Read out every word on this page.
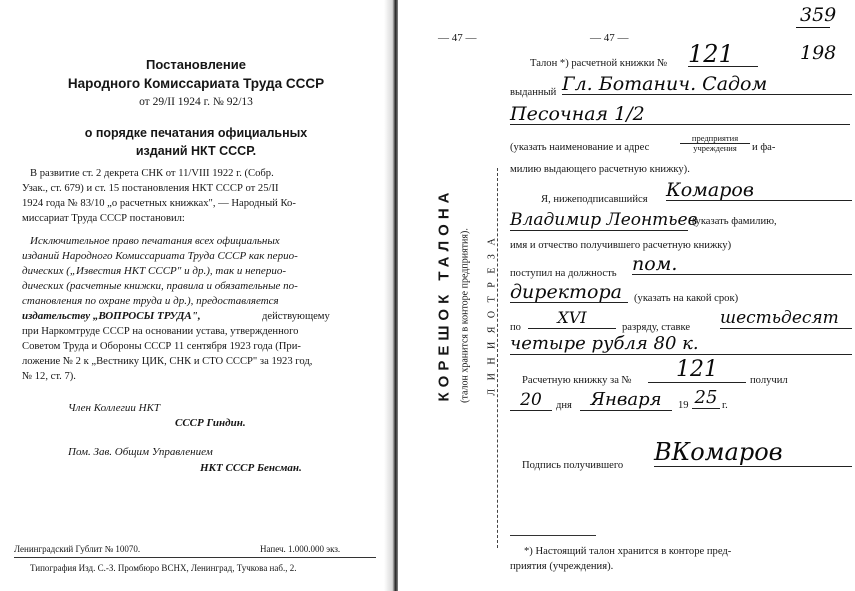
Постановление
Народного Комиссариата Труда СССР
от 29/II 1924 г. № 92/13
о порядке печатания официальных
изданий НКТ СССР.
В развитие ст. 2 декрета СНК от 11/VIII 1922 г. (Собр.
Узак., ст. 679) и ст. 15 постановления НКТ СССР от 25/II
1924 года № 83/10 „о расчетных книжках", — Народный Ко-
миссариат Труда СССР постановил:
Исключительное право печатания всех официальных
изданий Народного Комиссариата Труда СССР как перио-
дических („Известия НКТ СССР" и др.), так и неперио-
дических (расчетные книжки, правила и обязательные по-
становления по охране труда и др.), предоставляется
издательству „ВОПРОСЫ ТРУДА",	действующему
при Наркомтруде СССР на основании устава, утвержденного
Советом Труда и Обороны СССР 11 сентября 1923 года (При-
ложение № 2 к „Вестнику ЦИК, СНК и СТО СССР" за 1923 год,
№ 12, ст. 7).
Член Коллегии НКТ
СССР Гиндин.
Пом. Зав. Общим Управлением
НКТ СССР Бенсман.
Ленинградский Гублит № 10070.	Напеч. 1.000.000 экз.
Типография Изд. С.-З. Промбюро ВСНХ, Ленинград, Тучкова наб., 2.
— 47 —	— 47 —
КОРЕШОК ТАЛОНА (талон хранится в конторе предприятия). Л И Н И Я О Т Р Е З А
359
198
Талон *) расчетной книжки № 121
выданный Гл. Ботанич. Садом
Песочная 1/2
(указать наименование и адрес
предприятия
учреждения	и фа-
милию выдающего расчетную книжку).
Я, нижеподписавшийся Комаров
Владимир Леонтьев
(указать фамилию,
имя и отчество получившего расчетную книжку)
поступил на должность пом.
директора	(указать на какой срок)
по
XVI
разряду, ставке шестьдесят
четыре рубля 80 к.
Расчетную книжку за №	121	получил
20	дня	Января	19 25 г.
Подпись получившего ВКомаров
*) Настоящий талон хранится в конторе пред-
приятия (учреждения).
